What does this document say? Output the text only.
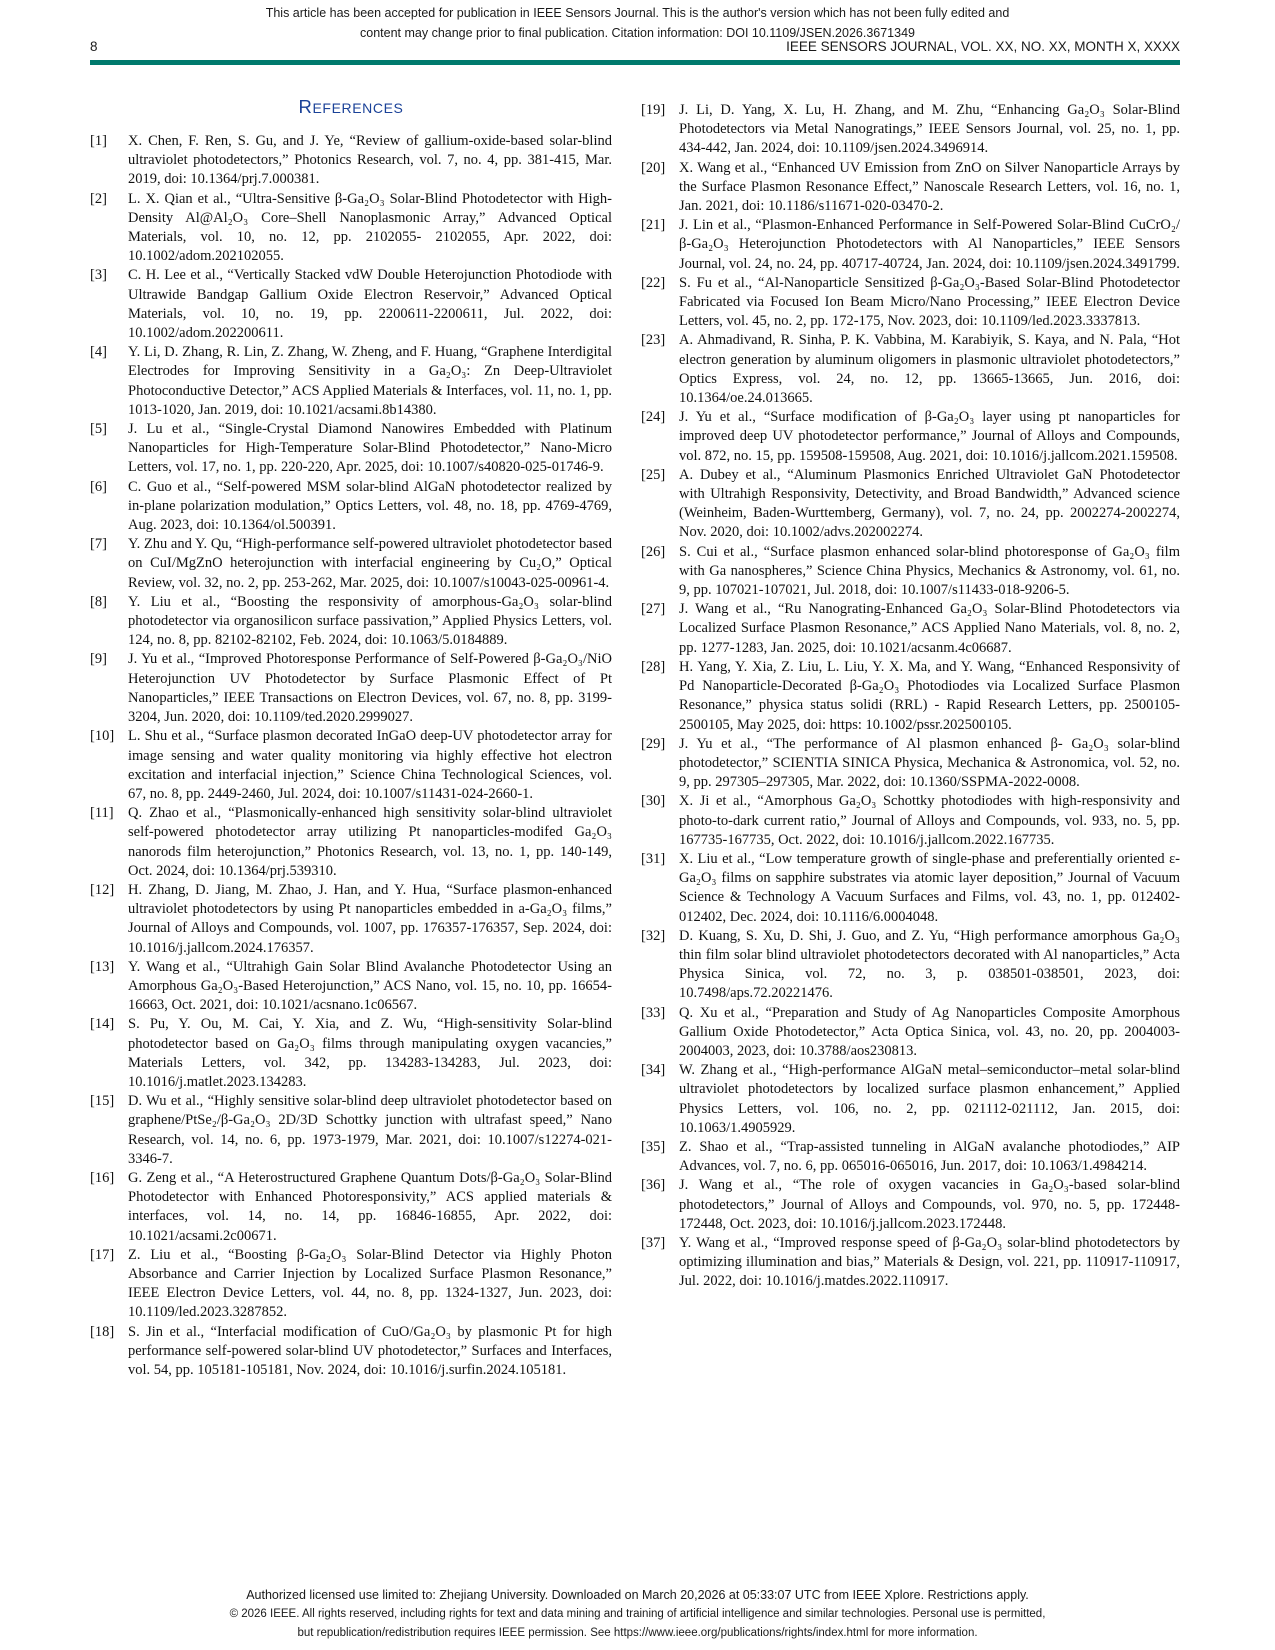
This article has been accepted for publication in IEEE Sensors Journal. This is the author's version which has not been fully edited and
content may change prior to final publication. Citation information: DOI 10.1109/JSEN.2026.3671349
8	IEEE SENSORS JOURNAL, VOL. XX, NO. XX, MONTH X, XXXX
REFERENCES
[1] X. Chen, F. Ren, S. Gu, and J. Ye, “Review of gallium-oxide-based solar-blind ultraviolet photodetectors,” Photonics Research, vol. 7, no. 4, pp. 381-415, Mar. 2019, doi: 10.1364/prj.7.000381.
[2] L. X. Qian et al., “Ultra-Sensitive β-Ga₂O₃ Solar-Blind Photodetector with High-Density Al@Al₂O₃ Core–Shell Nanoplasmonic Array,” Advanced Optical Materials, vol. 10, no. 12, pp. 2102055- 2102055, Apr. 2022, doi: 10.1002/adom.202102055.
[3] C. H. Lee et al., “Vertically Stacked vdW Double Heterojunction Photodiode with Ultrawide Bandgap Gallium Oxide Electron Reservoir,” Advanced Optical Materials, vol. 10, no. 19, pp. 2200611-2200611, Jul. 2022, doi: 10.1002/adom.202200611.
[4] Y. Li, D. Zhang, R. Lin, Z. Zhang, W. Zheng, and F. Huang, “Graphene Interdigital Electrodes for Improving Sensitivity in a Ga₂O₃: Zn Deep-Ultraviolet Photoconductive Detector,” ACS Applied Materials & Interfaces, vol. 11, no. 1, pp. 1013-1020, Jan. 2019, doi: 10.1021/acsami.8b14380.
[5] J. Lu et al., “Single-Crystal Diamond Nanowires Embedded with Platinum Nanoparticles for High-Temperature Solar-Blind Photodetector,” Nano-Micro Letters, vol. 17, no. 1, pp. 220-220, Apr. 2025, doi: 10.1007/s40820-025-01746-9.
[6] C. Guo et al., “Self-powered MSM solar-blind AlGaN photodetector realized by in-plane polarization modulation,” Optics Letters, vol. 48, no. 18, pp. 4769-4769, Aug. 2023, doi: 10.1364/ol.500391.
[7] Y. Zhu and Y. Qu, “High-performance self-powered ultraviolet photodetector based on CuI/MgZnO heterojunction with interfacial engineering by Cu₂O,” Optical Review, vol. 32, no. 2, pp. 253-262, Mar. 2025, doi: 10.1007/s10043-025-00961-4.
[8] Y. Liu et al., “Boosting the responsivity of amorphous-Ga₂O₃ solar-blind photodetector via organosilicon surface passivation,” Applied Physics Letters, vol. 124, no. 8, pp. 82102-82102, Feb. 2024, doi: 10.1063/5.0184889.
[9] J. Yu et al., “Improved Photoresponse Performance of Self-Powered β-Ga₂O₃/NiO Heterojunction UV Photodetector by Surface Plasmonic Effect of Pt Nanoparticles,” IEEE Transactions on Electron Devices, vol. 67, no. 8, pp. 3199-3204, Jun. 2020, doi: 10.1109/ted.2020.2999027.
[10] L. Shu et al., “Surface plasmon decorated InGaO deep-UV photodetector array for image sensing and water quality monitoring via highly effective hot electron excitation and interfacial injection,” Science China Technological Sciences, vol. 67, no. 8, pp. 2449-2460, Jul. 2024, doi: 10.1007/s11431-024-2660-1.
[11] Q. Zhao et al., “Plasmonically-enhanced high sensitivity solar-blind ultraviolet self-powered photodetector array utilizing Pt nanoparticles-modifed Ga₂O₃ nanorods film heterojunction,” Photonics Research, vol. 13, no. 1, pp. 140-149, Oct. 2024, doi: 10.1364/prj.539310.
[12] H. Zhang, D. Jiang, M. Zhao, J. Han, and Y. Hua, “Surface plasmon-enhanced ultraviolet photodetectors by using Pt nanoparticles embedded in a-Ga₂O₃ films,” Journal of Alloys and Compounds, vol. 1007, pp. 176357-176357, Sep. 2024, doi: 10.1016/j.jallcom.2024.176357.
[13] Y. Wang et al., “Ultrahigh Gain Solar Blind Avalanche Photodetector Using an Amorphous Ga₂O₃-Based Heterojunction,” ACS Nano, vol. 15, no. 10, pp. 16654-16663, Oct. 2021, doi: 10.1021/acsnano.1c06567.
[14] S. Pu, Y. Ou, M. Cai, Y. Xia, and Z. Wu, “High-sensitivity Solar-blind photodetector based on Ga₂O₃ films through manipulating oxygen vacancies,” Materials Letters, vol. 342, pp. 134283-134283, Jul. 2023, doi: 10.1016/j.matlet.2023.134283.
[15] D. Wu et al., “Highly sensitive solar-blind deep ultraviolet photodetector based on graphene/PtSe₂/β-Ga₂O₃ 2D/3D Schottky junction with ultrafast speed,” Nano Research, vol. 14, no. 6, pp. 1973-1979, Mar. 2021, doi: 10.1007/s12274-021-3346-7.
[16] G. Zeng et al., “A Heterostructured Graphene Quantum Dots/β-Ga₂O₃ Solar-Blind Photodetector with Enhanced Photoresponsivity,” ACS applied materials & interfaces, vol. 14, no. 14, pp. 16846-16855, Apr. 2022, doi: 10.1021/acsami.2c00671.
[17] Z. Liu et al., “Boosting β-Ga₂O₃ Solar-Blind Detector via Highly Photon Absorbance and Carrier Injection by Localized Surface Plasmon Resonance,” IEEE Electron Device Letters, vol. 44, no. 8, pp. 1324-1327, Jun. 2023, doi: 10.1109/led.2023.3287852.
[18] S. Jin et al., “Interfacial modification of CuO/Ga₂O₃ by plasmonic Pt for high performance self-powered solar-blind UV photodetector,” Surfaces and Interfaces, vol. 54, pp. 105181-105181, Nov. 2024, doi: 10.1016/j.surfin.2024.105181.
[19] J. Li, D. Yang, X. Lu, H. Zhang, and M. Zhu, “Enhancing Ga₂O₃ Solar-Blind Photodetectors via Metal Nanogratings,” IEEE Sensors Journal, vol. 25, no. 1, pp. 434-442, Jan. 2024, doi: 10.1109/jsen.2024.3496914.
[20] X. Wang et al., “Enhanced UV Emission from ZnO on Silver Nanoparticle Arrays by the Surface Plasmon Resonance Effect,” Nanoscale Research Letters, vol. 16, no. 1, Jan. 2021, doi: 10.1186/s11671-020-03470-2.
[21] J. Lin et al., “Plasmon-Enhanced Performance in Self-Powered Solar-Blind CuCrO₂/β-Ga₂O₃ Heterojunction Photodetectors with Al Nanoparticles,” IEEE Sensors Journal, vol. 24, no. 24, pp. 40717-40724, Jan. 2024, doi: 10.1109/jsen.2024.3491799.
[22] S. Fu et al., “Al-Nanoparticle Sensitized β-Ga₂O₃-Based Solar-Blind Photodetector Fabricated via Focused Ion Beam Micro/Nano Processing,” IEEE Electron Device Letters, vol. 45, no. 2, pp. 172-175, Nov. 2023, doi: 10.1109/led.2023.3337813.
[23] A. Ahmadivand, R. Sinha, P. K. Vabbina, M. Karabiyik, S. Kaya, and N. Pala, “Hot electron generation by aluminum oligomers in plasmonic ultraviolet photodetectors,” Optics Express, vol. 24, no. 12, pp. 13665-13665, Jun. 2016, doi: 10.1364/oe.24.013665.
[24] J. Yu et al., “Surface modification of β-Ga₂O₃ layer using pt nanoparticles for improved deep UV photodetector performance,” Journal of Alloys and Compounds, vol. 872, no. 15, pp. 159508-159508, Aug. 2021, doi: 10.1016/j.jallcom.2021.159508.
[25] A. Dubey et al., “Aluminum Plasmonics Enriched Ultraviolet GaN Photodetector with Ultrahigh Responsivity, Detectivity, and Broad Bandwidth,” Advanced science (Weinheim, Baden-Wurttemberg, Germany), vol. 7, no. 24, pp. 2002274-2002274, Nov. 2020, doi: 10.1002/advs.202002274.
[26] S. Cui et al., “Surface plasmon enhanced solar-blind photoresponse of Ga₂O₃ film with Ga nanospheres,” Science China Physics, Mechanics & Astronomy, vol. 61, no. 9, pp. 107021-107021, Jul. 2018, doi: 10.1007/s11433-018-9206-5.
[27] J. Wang et al., “Ru Nanograting-Enhanced Ga₂O₃ Solar-Blind Photodetectors via Localized Surface Plasmon Resonance,” ACS Applied Nano Materials, vol. 8, no. 2, pp. 1277-1283, Jan. 2025, doi: 10.1021/acsanm.4c06687.
[28] H. Yang, Y. Xia, Z. Liu, L. Liu, Y. X. Ma, and Y. Wang, “Enhanced Responsivity of Pd Nanoparticle-Decorated β-Ga₂O₃ Photodiodes via Localized Surface Plasmon Resonance,” physica status solidi (RRL) - Rapid Research Letters, pp. 2500105-2500105, May 2025, doi: https: 10.1002/pssr.202500105.
[29] J. Yu et al., “The performance of Al plasmon enhanced β- Ga₂O₃ solar-blind photodetector,” SCIENTIA SINICA Physica, Mechanica & Astronomica, vol. 52, no. 9, pp. 297305–297305, Mar. 2022, doi: 10.1360/SSPMA-2022-0008.
[30] X. Ji et al., “Amorphous Ga₂O₃ Schottky photodiodes with high-responsivity and photo-to-dark current ratio,” Journal of Alloys and Compounds, vol. 933, no. 5, pp. 167735-167735, Oct. 2022, doi: 10.1016/j.jallcom.2022.167735.
[31] X. Liu et al., “Low temperature growth of single-phase and preferentially oriented ε-Ga₂O₃ films on sapphire substrates via atomic layer deposition,” Journal of Vacuum Science & Technology A Vacuum Surfaces and Films, vol. 43, no. 1, pp. 012402-012402, Dec. 2024, doi: 10.1116/6.0004048.
[32] D. Kuang, S. Xu, D. Shi, J. Guo, and Z. Yu, “High performance amorphous Ga₂O₃ thin film solar blind ultraviolet photodetectors decorated with Al nanoparticles,” Acta Physica Sinica, vol. 72, no. 3, p. 038501-038501, 2023, doi: 10.7498/aps.72.20221476.
[33] Q. Xu et al., “Preparation and Study of Ag Nanoparticles Composite Amorphous Gallium Oxide Photodetector,” Acta Optica Sinica, vol. 43, no. 20, pp. 2004003-2004003, 2023, doi: 10.3788/aos230813.
[34] W. Zhang et al., “High-performance AlGaN metal–semiconductor–metal solar-blind ultraviolet photodetectors by localized surface plasmon enhancement,” Applied Physics Letters, vol. 106, no. 2, pp. 021112-021112, Jan. 2015, doi: 10.1063/1.4905929.
[35] Z. Shao et al., “Trap-assisted tunneling in AlGaN avalanche photodiodes,” AIP Advances, vol. 7, no. 6, pp. 065016-065016, Jun. 2017, doi: 10.1063/1.4984214.
[36] J. Wang et al., “The role of oxygen vacancies in Ga₂O₃-based solar-blind photodetectors,” Journal of Alloys and Compounds, vol. 970, no. 5, pp. 172448-172448, Oct. 2023, doi: 10.1016/j.jallcom.2023.172448.
[37] Y. Wang et al., “Improved response speed of β-Ga₂O₃ solar-blind photodetectors by optimizing illumination and bias,” Materials & Design, vol. 221, pp. 110917-110917, Jul. 2022, doi: 10.1016/j.matdes.2022.110917.
Authorized licensed use limited to: Zhejiang University. Downloaded on March 20,2026 at 05:33:07 UTC from IEEE Xplore. Restrictions apply.
© 2026 IEEE. All rights reserved, including rights for text and data mining and training of artificial intelligence and similar technologies. Personal use is permitted,
but republication/redistribution requires IEEE permission. See https://www.ieee.org/publications/rights/index.html for more information.
